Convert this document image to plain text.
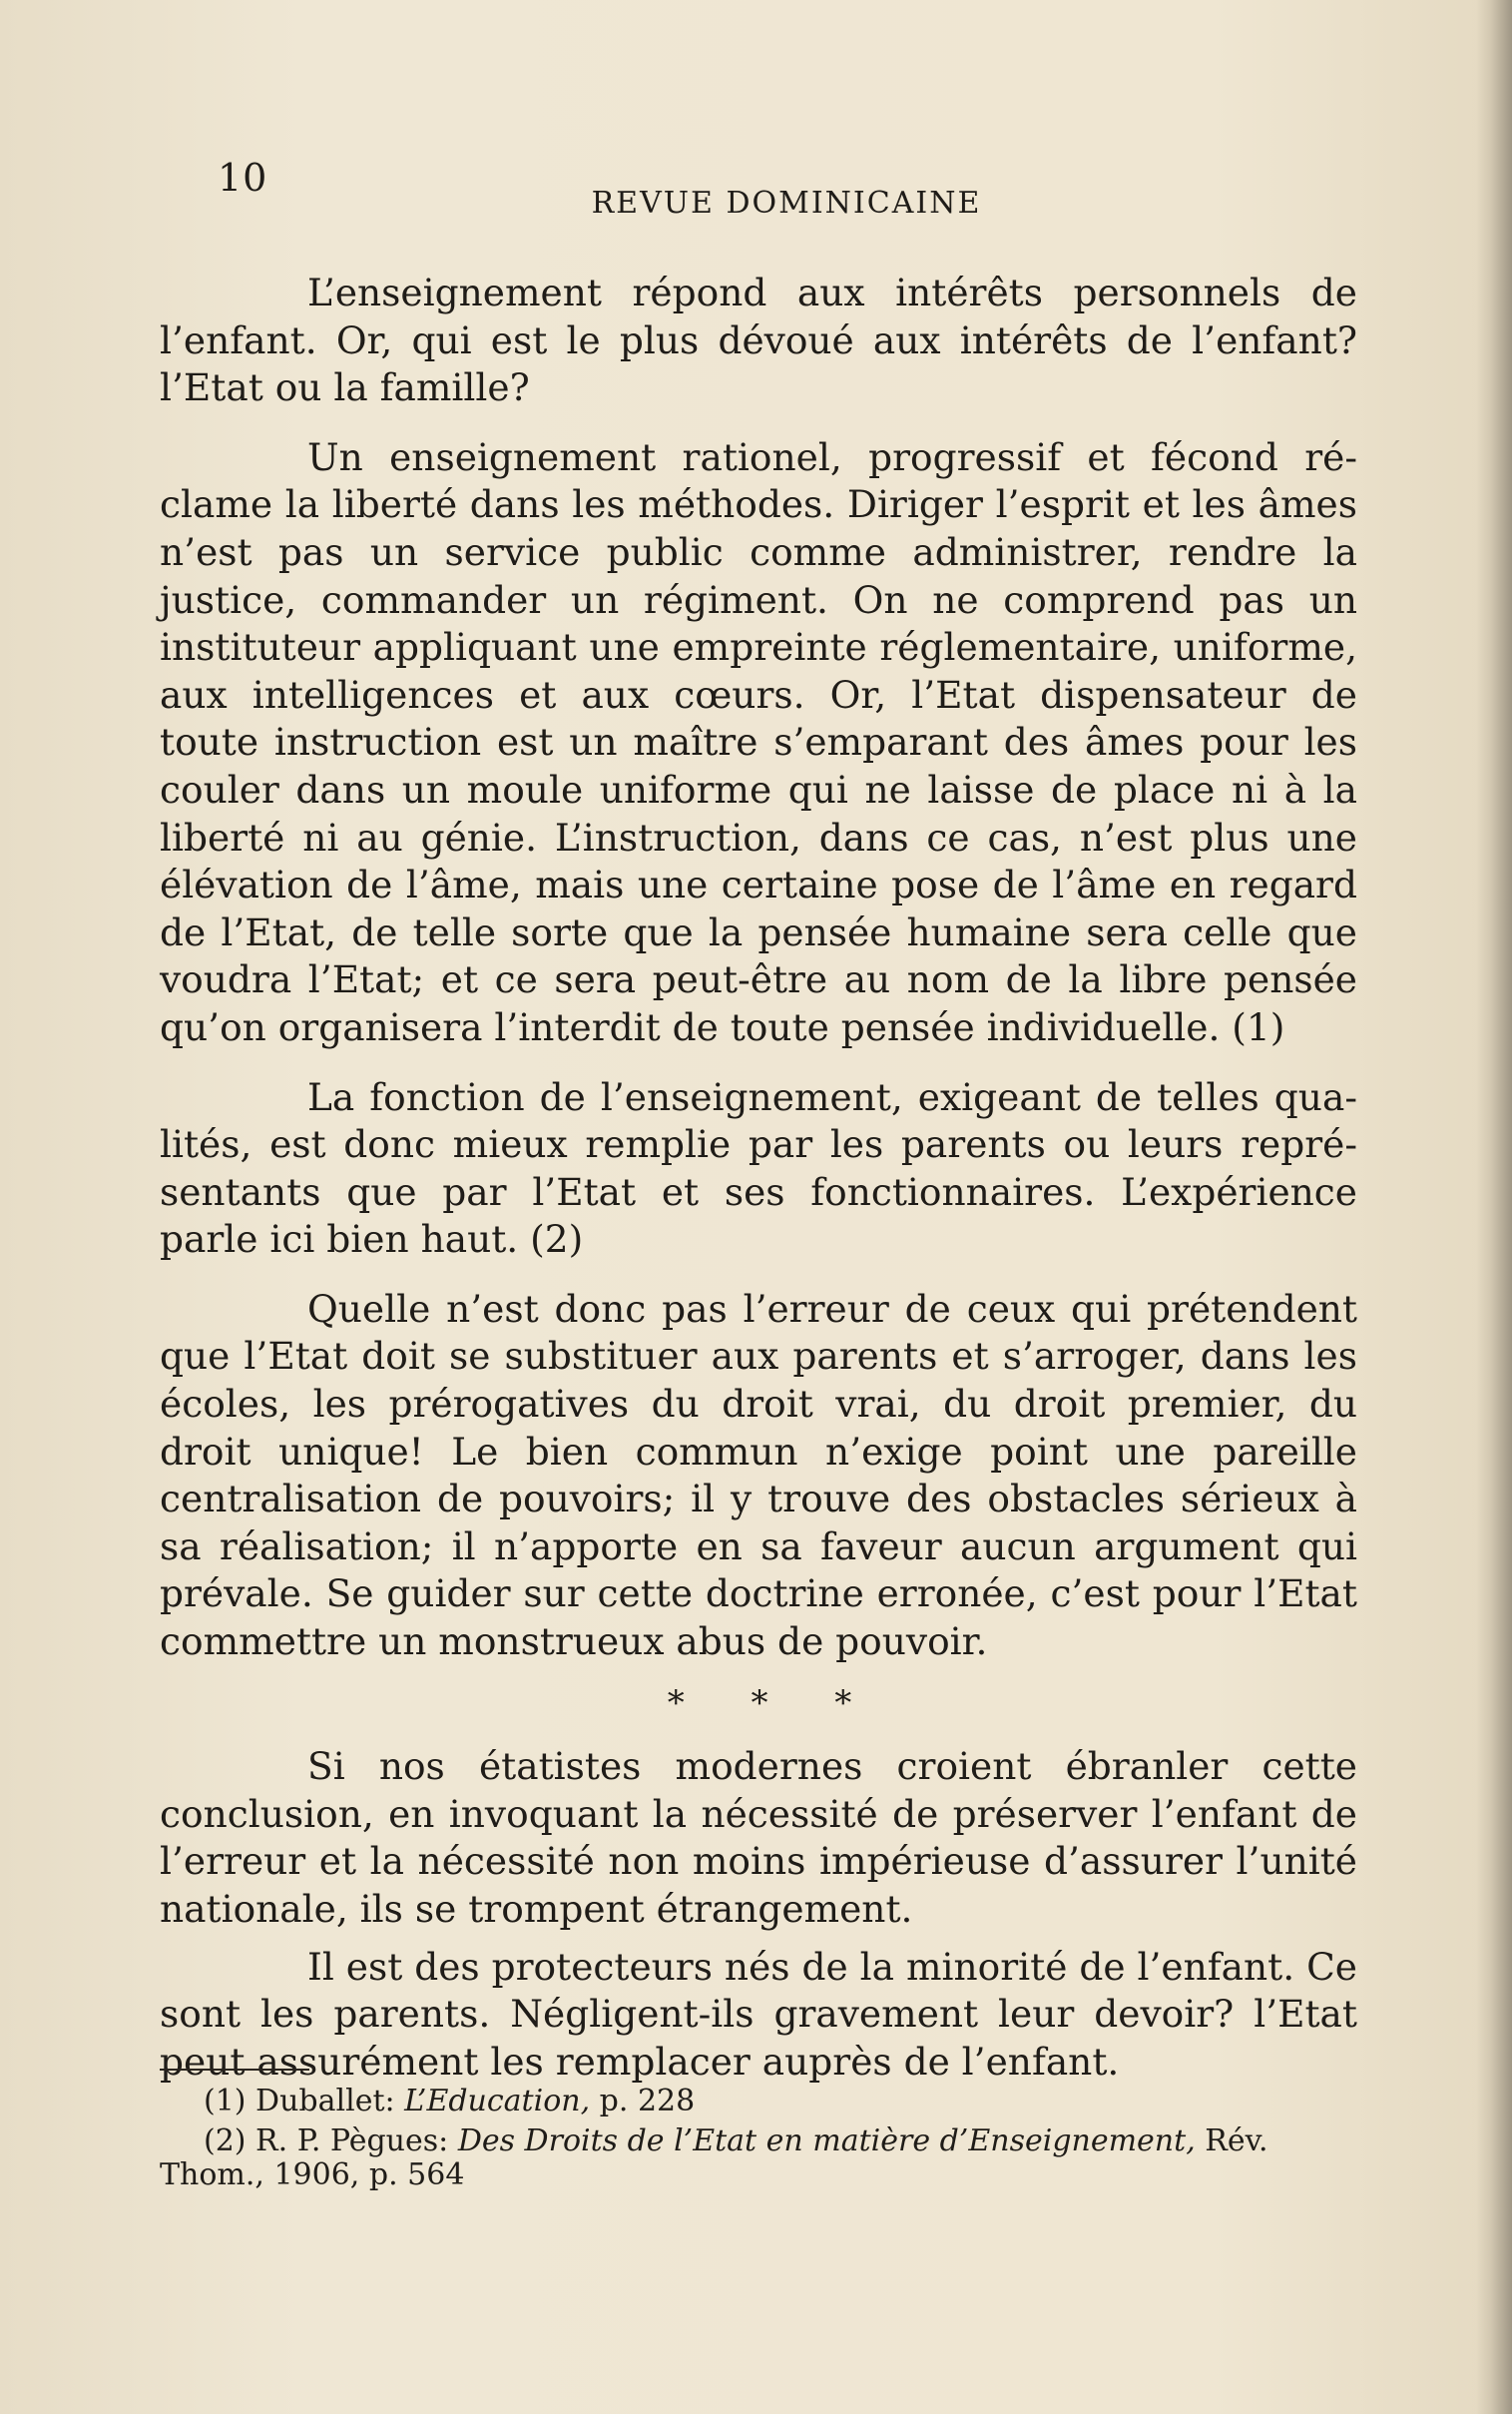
10
REVUE DOMINICAINE

L’enseignement répond aux intérêts personnels de l’enfant. Or, qui est le plus dévoué aux intérêts de l’enfant? l’Etat ou la famille?

Un enseignement rationel, progressif et fécond réclame la liberté dans les méthodes. Diriger l’esprit et les âmes n’est pas un service public comme administrer, rendre la justice, commander un régiment. On ne comprend pas un instituteur appliquant une empreinte réglementaire, uniforme, aux intelligences et aux cœurs. Or, l’Etat dispensateur de toute instruction est un maître s’emparant des âmes pour les couler dans un moule uniforme qui ne laisse de place ni à la liberté ni au génie. L’instruction, dans ce cas, n’est plus une élévation de l’âme, mais une certaine pose de l’âme en regard de l’Etat, de telle sorte que la pensée humaine sera celle que voudra l’Etat; et ce sera peut-être au nom de la libre pensée qu’on organisera l’interdit de toute pensée individuelle. (1)

La fonction de l’enseignement, exigeant de telles qualités, est donc mieux remplie par les parents ou leurs représentants que par l’Etat et ses fonctionnaires. L’expérience parle ici bien haut. (2)

Quelle n’est donc pas l’erreur de ceux qui prétendent que l’Etat doit se substituer aux parents et s’arroger, dans les écoles, les prérogatives du droit vrai, du droit premier, du droit unique! Le bien commun n’exige point une pareille centralisation de pouvoirs; il y trouve des obstacles sérieux à sa réalisation; il n’apporte en sa faveur aucun argument qui prévale. Se guider sur cette doctrine erronée, c’est pour l’Etat commettre un monstrueux abus de pouvoir.

* * *

Si nos étatistes modernes croient ébranler cette conclusion, en invoquant la nécessité de préserver l’enfant de l’erreur et la nécessité non moins impérieuse d’assurer l’unité nationale, ils se trompent étrangement.

Il est des protecteurs nés de la minorité de l’enfant. Ce sont les parents. Négligent-ils gravement leur devoir? l’Etat peut assurément les remplacer auprès de l’enfant.

(1) Duballet: L’Education, p. 228

(2) R. P. Pègues: Des Droits de l’Etat en matière d’Enseignement, Rév. Thom., 1906, p. 564
